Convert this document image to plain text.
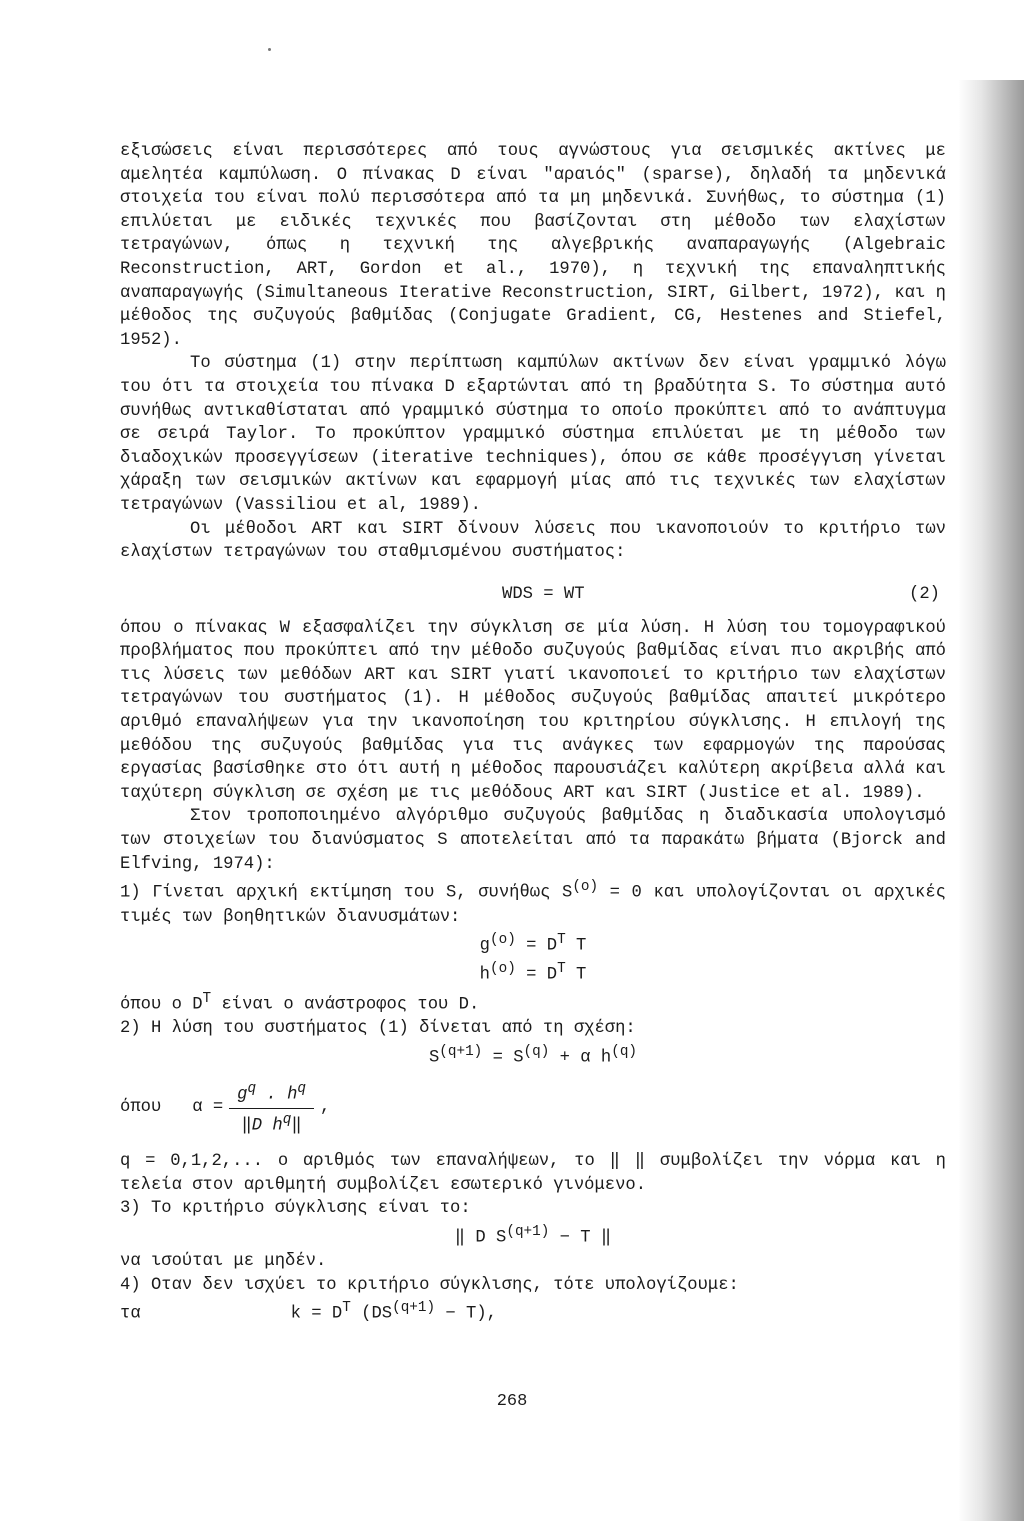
εξισώσεις είναι περισσότερες από τους αγνώστους για σεισμικές ακτίνες με αμελητέα καμπύλωση. Ο πίνακας D είναι "αραιός" (sparse), δηλαδή τα μηδενικά στοιχεία του είναι πολύ περισσότερα από τα μη μηδενικά. Συνήθως, το σύστημα (1) επιλύεται με ειδικές τεχνικές που βασίζονται στη μέθοδο των ελαχίστων τετραγώνων, όπως η τεχνική της αλγεβρικής αναπαραγωγής (Algebraic Reconstruction, ART, Gordon et al., 1970), η τεχνική της επαναληπτικής αναπαραγωγής (Simultaneous Iterative Reconstruction, SIRT, Gilbert, 1972), και η μέθοδος της συζυγούς βαθμίδας (Conjugate Gradient, CG, Hestenes and Stiefel, 1952).

Το σύστημα (1) στην περίπτωση καμπύλων ακτίνων δεν είναι γραμμικό λόγω του ότι τα στοιχεία του πίνακα D εξαρτώνται από τη βραδύτητα S. Το σύστημα αυτό συνήθως αντικαθίσταται από γραμμικό σύστημα το οποίο προκύπτει από το ανάπτυγμα σε σειρά Taylor. Το προκύπτον γραμμικό σύστημα επιλύεται με τη μέθοδο των διαδοχικών προσεγγίσεων (iterative techniques), όπου σε κάθε προσέγγιση γίνεται χάραξη των σεισμικών ακτίνων και εφαρμογή μίας από τις τεχνικές των ελαχίστων τετραγώνων (Vassiliou et al, 1989).

Οι μέθοδοι ART και SIRT δίνουν λύσεις που ικανοποιούν το κριτήριο των ελαχίστων τετραγώνων του σταθμισμένου συστήματος:

WDS = WT	(2)

όπου ο πίνακας W εξασφαλίζει την σύγκλιση σε μία λύση. Η λύση του τομογραφικού προβλήματος που προκύπτει από την μέθοδο συζυγούς βαθμίδας είναι πιο ακριβής από τις λύσεις των μεθόδων ART και SIRT γιατί ικανοποιεί το κριτήριο των ελαχίστων τετραγώνων του συστήματος (1). Η μέθοδος συζυγούς βαθμίδας απαιτεί μικρότερο αριθμό επαναλήψεων για την ικανοποίηση του κριτηρίου σύγκλισης. Η επιλογή της μεθόδου της συζυγούς βαθμίδας για τις ανάγκες των εφαρμογών της παρούσας εργασίας βασίσθηκε στο ότι αυτή η μέθοδος παρουσιάζει καλύτερη ακρίβεια αλλά και ταχύτερη σύγκλιση σε σχέση με τις μεθόδους ART και SIRT (Justice et al. 1989).

Στον τροποποιημένο αλγόριθμο συζυγούς βαθμίδας η διαδικασία υπολογισμό των στοιχείων του διανύσματος S αποτελείται από τα παρακάτω βήματα (Bjorck and Elfving, 1974):

1) Γίνεται αρχική εκτίμηση του S, συνήθως $S^{(o)} = 0$ και υπολογίζονται οι αρχικές τιμές των βοηθητικών διανυσμάτων:

$g^{(o)} = D^T$ T
$h^{(o)} = D^T$ T
όπου ο $D^T$ είναι ο ανάστροφος του D.
2) Η λύση του συστήματος (1) δίνεται από τη σχέση:
$S^{(q+1)} = S^{(q)} + \alpha$ $h^{(q)}$
όπου
$\alpha = \frac{g^q . h^q}{‖D h^q‖}$ ,

q = 0,1,2,... ο αριθμός των επαναλήψεων, το ‖ ‖ συμβολίζει την νόρμα και η τελεία στον αριθμητή συμβολίζει εσωτερικό γινόμενο.

3) Το κριτήριο σύγκλισης είναι το:
‖ D $S^{(q+1)} - T$ ‖
να ισούται με μηδέν.
4) Οταν δεν ισχύει το κριτήριο σύγκλισης, τότε υπολογίζουμε:
τα	$k = D^T$ $(DS^{(q+1)} - T)$,
268
